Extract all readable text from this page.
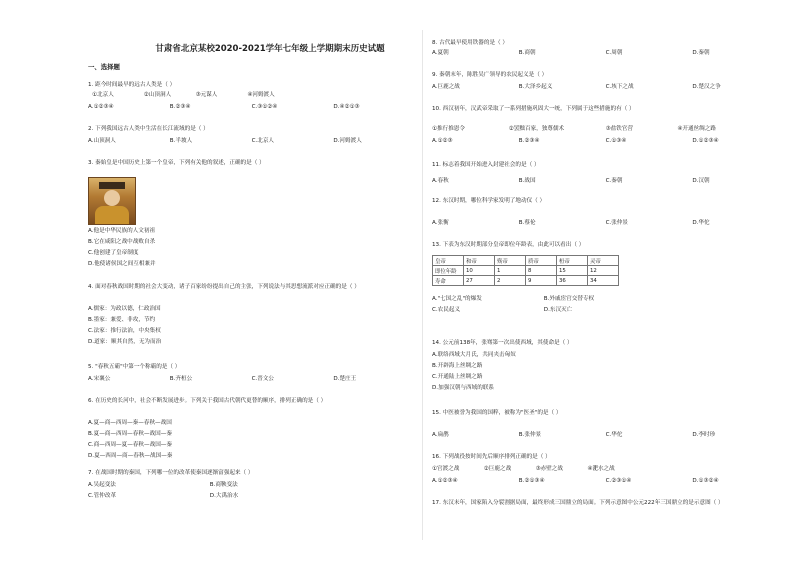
甘肃省北京某校2020-2021学年七年级上学期期末历史试题
一、选择题
1. 距今时间最早的远古人类是（ ）
①北京人	②山顶洞人	③元谋人	④河姆渡人
A.①②③④	B.②③④	C.③①②④	D.④②①③
2. 下列我国远古人类中生活在长江流域的是（ ）
A.山顶洞人	B.半坡人	C.北京人	D.河姆渡人
3. 秦始皇是中国历史上第一个皇帝，下列有关他的叙述，正确的是（ ）
A.他是中华民族的人文初祖
B.它在咸阳之战中战败自杀
C.他创建了皇帝制度
D.他使诸侯国之间互相兼并
4. 面对春秋战国时期的社会大变动，诸子百家纷纷提出自己的主张，下列说法与其思想流派对应正确的是（ ）
A.儒家：为政以德，仁政治国
B.墨家：兼爱、非攻，节约
C.法家：推行法治，中央集权
D.道家：顺其自然，无为而治
5. "春秋五霸"中第一个称霸的是（ ）
A.宋襄公	B.齐桓公	C.晋文公	D.楚庄王
6. 在历史的长河中，社会不断发展进步。下列关于我国古代朝代更替的顺序，排列正确的是（ ）
A.夏—商—西周—秦—春秋—战国
B.夏—商—西周—春秋—战国—秦
C.商—西周—夏—春秋—战国—秦
D.夏—西周—商—春秋—战国—秦
7. 在战国时期的秦国，下列哪一位的改革使秦国逐渐富强起来（ ）
A.吴起变法	B.商鞅变法
C.管仲改革	D.大禹治水
8. 古代最早使用铁器的是（ ）
A.夏朝	B.商朝	C.周朝	D.秦朝
9. 秦朝末年，陈胜吴广领导的农民起义是（ ）
A.巨鹿之战	B.大泽乡起义	C.垓下之战	D.楚汉之争
10. 西汉初年，汉武帝采取了一系列措施巩固大一统，下列属于这些措施的有（ ）
①推行推恩令	②罢黜百家，独尊儒术	③盐铁官营	④开通丝绸之路
A.①②③	B.②③④	C.①③④	D.①②③④
11. 标志着我国开始进入封建社会的是（ ）
A.春秋	B.战国	C.秦朝	D.汉朝
12. 东汉时期，哪位科学家发明了地动仪（ ）
A.张衡	B.蔡伦	C.张仲景	D.华佗
13. 下表为东汉时期部分皇帝即位年龄表，由此可以看出（ ）
皇帝	和帝	殇帝	质帝	桓帝	灵帝
即位年龄	10	1	8	15	12
寿命	27	2	9	36	34
A."七国之乱"的爆发	B.外戚宦官交替专权
C.农民起义	D.东汉灭亡
14. 公元前138年，张骞第一次出使西域，其使命是（ ）
A.联络西域大月氏，共同夹击匈奴
B.开辟海上丝绸之路
C.开通陆上丝绸之路
D.加强汉朝与西域的联系
15. 中医被誉为我国的国粹，被称为"医圣"的是（ ）
A.扁鹊	B.张仲景	C.华佗	D.李时珍
16. 下列战役按时间先后顺序排列正确的是（ ）
①官渡之战	②巨鹿之战	③赤壁之战	④淝水之战
A.①②③④	B.②①③④	C.②③①④	D.①③②④
17. 东汉末年，国家陷入分裂割据局面，最终形成三国鼎立的局面。下列示意图中公元222年三国鼎立的是示意图（ ）
